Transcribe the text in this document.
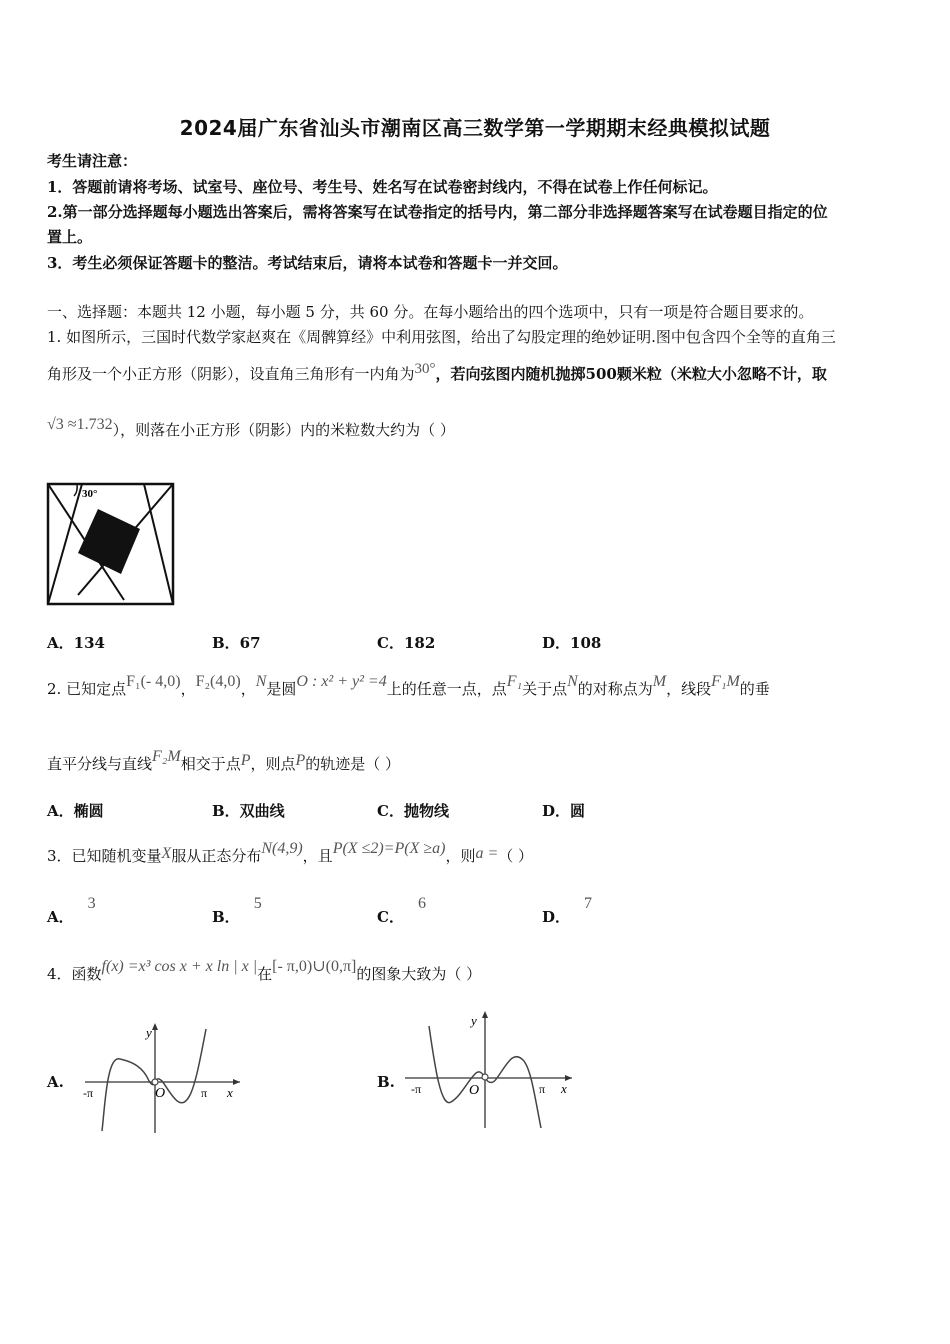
2024届广东省汕头市潮南区高三数学第一学期期末经典模拟试题
考生请注意：
1．答题前请将考场、试室号、座位号、考生号、姓名写在试卷密封线内，不得在试卷上作任何标记。
2.第一部分选择题每小题选出答案后，需将答案写在试卷指定的括号内，第二部分非选择题答案写在试卷题目指定的位
置上。
3．考生必须保证答题卡的整洁。考试结束后，请将本试卷和答题卡一并交回。
一、选择题：本题共 12 小题，每小题 5 分，共 60 分。在每小题给出的四个选项中，只有一项是符合题目要求的。
1. 如图所示，三国时代数学家赵爽在《周髀算经》中利用弦图，给出了勾股定理的绝妙证明.图中包含四个全等的直角三
角形及一个小正方形（阴影），设直角三角形有一内角为30°，若向弦图内随机抛掷500颗米粒（米粒大小忽略不计，取
√3 ≈1.732），则落在小正方形（阴影）内的米粒数大约为（ ）
30°
A．134	B．67	C．182	D．108
2. 已知定点F₁(- 4,0)，F₂(4,0)，N是圆O : x² + y² =4上的任意一点，点F₁关于点N的对称点为M，线段F₁M的垂
直平分线与直线F₂M相交于点P，则点P的轨迹是（ ）
A．椭圆	B．双曲线	C．抛物线	D．圆
3．已知随机变量X服从正态分布N(4,9)，且P(X ≤2)=P(X ≥a)，则a =（ ）
A．3
B．5
C．6
D．7
4．函数f(x) =x³ cos x + x ln | x |在[- π,0)∪(0,π]的图象大致为（ ）
A.
y
x
O
-π	π
B.
y
x
O
-π	π
